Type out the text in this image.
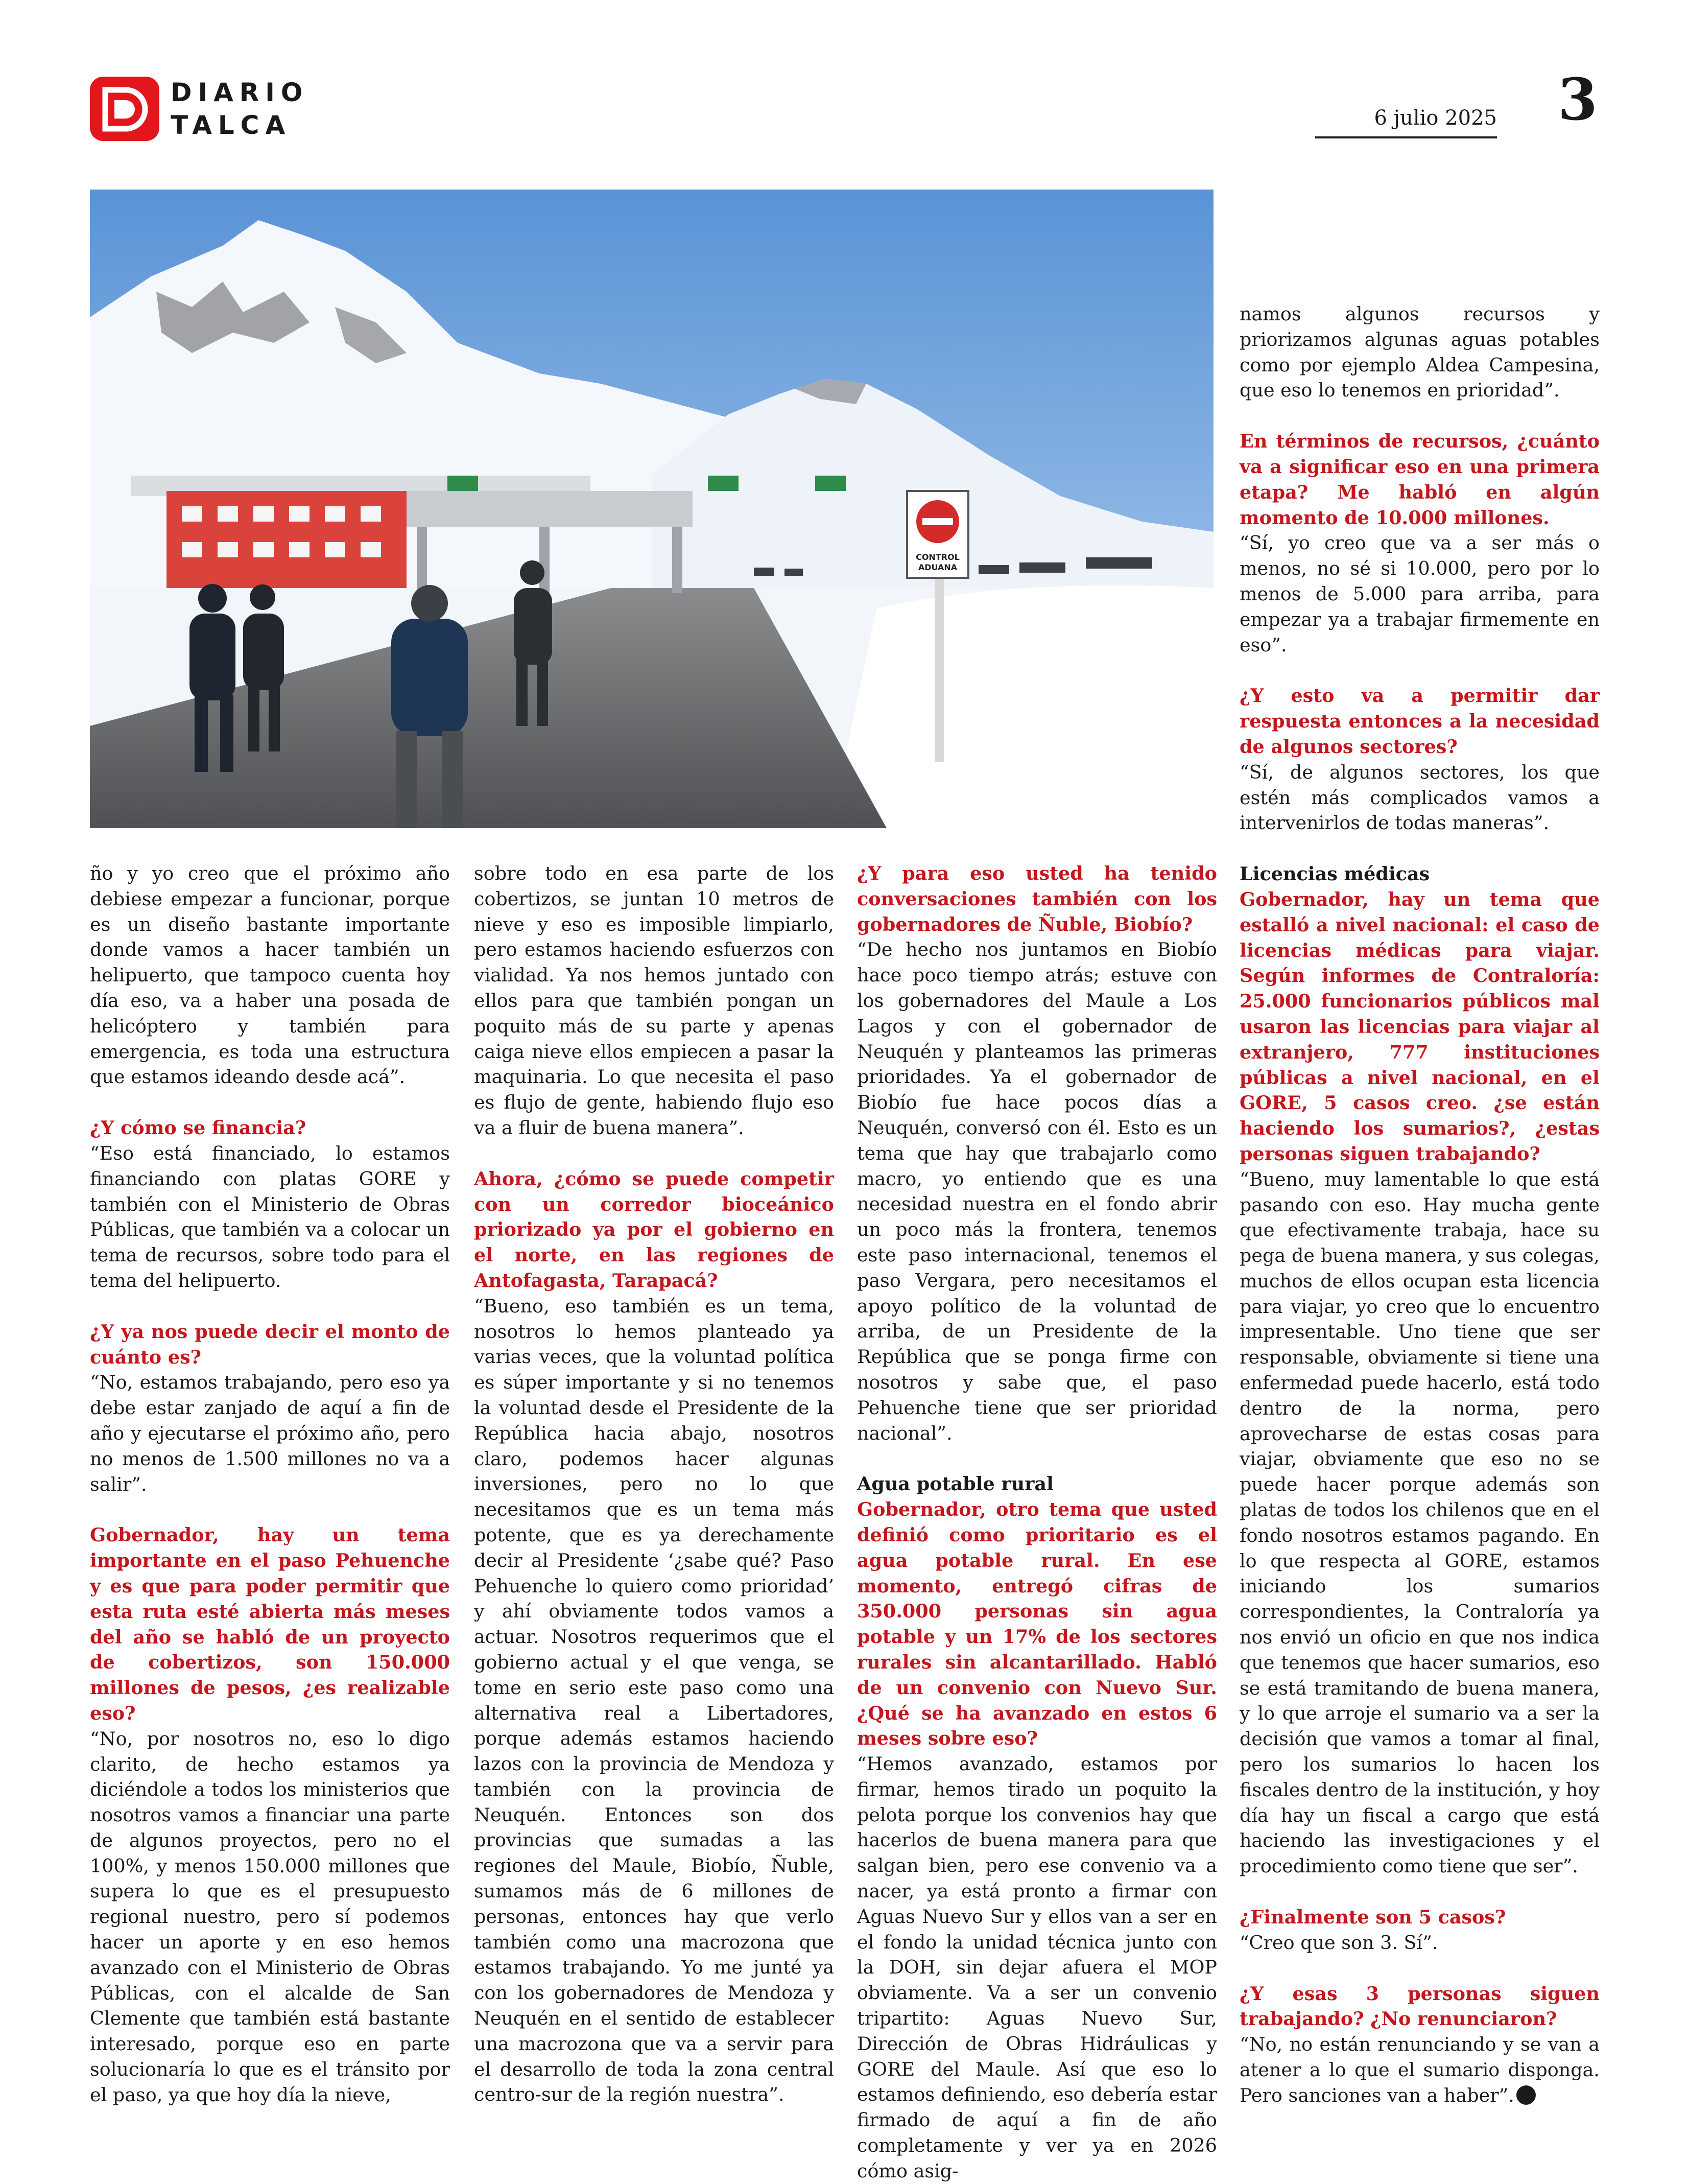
DIARIO
TALCA	6 julio 2025 3
CONTROL
ADUANA

ño y yo creo que el próximo año debiese empezar a funcionar, porque es un diseño bastante importante donde vamos a hacer también un helipuerto, que tampoco cuenta hoy día eso, va a haber una posada de helicóptero y también para emergencia, es toda una estructura que estamos ideando desde acá”.

¿Y cómo se financia?

“Eso está financiado, lo estamos financiando con platas GORE y también con el Ministerio de Obras Públicas, que también va a colocar un tema de recursos, sobre todo para el tema del helipuerto.

¿Y ya nos puede decir el monto de cuánto es?

“No, estamos trabajando, pero eso ya debe estar zanjado de aquí a fin de año y ejecutarse el próximo año, pero no menos de 1.500 millones no va a salir”.

Gobernador, hay un tema importante en el paso Pehuenche y es que para poder permitir que esta ruta esté abierta más meses del año se habló de un proyecto de cobertizos, son 150.000 millones de pesos, ¿es realizable eso?

“No, por nosotros no, eso lo digo clarito, de hecho estamos ya diciéndole a todos los ministerios que nosotros vamos a financiar una parte de algunos proyectos, pero no el 100%, y menos 150.000 millones que supera lo que es el presupuesto regional nuestro, pero sí podemos hacer un aporte y en eso hemos avanzado con el Ministerio de Obras Públicas, con el alcalde de San Clemente que también está bastante interesado, porque eso en parte solucionaría lo que es el tránsito por el paso, ya que hoy día la nieve,

sobre todo en esa parte de los cobertizos, se juntan 10 metros de nieve y eso es imposible limpiarlo, pero estamos haciendo esfuerzos con vialidad. Ya nos hemos juntado con ellos para que también pongan un poquito más de su parte y apenas caiga nieve ellos empiecen a pasar la maquinaria. Lo que necesita el paso es flujo de gente, habiendo flujo eso va a fluir de buena manera”.

Ahora, ¿cómo se puede competir con un corredor bioceánico priorizado ya por el gobierno en el norte, en las regiones de Antofagasta, Tarapacá?

“Bueno, eso también es un tema, nosotros lo hemos planteado ya varias veces, que la voluntad política es súper importante y si no tenemos la voluntad desde el Presidente de la República hacia abajo, nosotros claro, podemos hacer algunas inversiones, pero no lo que necesitamos que es un tema más potente, que es ya derechamente decir al Presidente ‘¿sabe qué? Paso Pehuenche lo quiero como prioridad’ y ahí obviamente todos vamos a actuar. Nosotros requerimos que el gobierno actual y el que venga, se tome en serio este paso como una alternativa real a Libertadores, porque además estamos haciendo lazos con la provincia de Mendoza y también con la provincia de Neuquén. Entonces son dos provincias que sumadas a las regiones del Maule, Biobío, Ñuble, sumamos más de 6 millones de personas, entonces hay que verlo también como una macrozona que estamos trabajando. Yo me junté ya con los gobernadores de Mendoza y Neuquén en el sentido de establecer una macrozona que va a servir para el desarrollo de toda la zona central centro-sur de la región nuestra”.

¿Y para eso usted ha tenido conversaciones también con los gobernadores de Ñuble, Biobío?

“De hecho nos juntamos en Biobío hace poco tiempo atrás; estuve con los gobernadores del Maule a Los Lagos y con el gobernador de Neuquén y planteamos las primeras prioridades. Ya el gobernador de Biobío fue hace pocos días a Neuquén, conversó con él. Esto es un tema que hay que trabajarlo como macro, yo entiendo que es una necesidad nuestra en el fondo abrir un poco más la frontera, tenemos este paso internacional, tenemos el paso Vergara, pero necesitamos el apoyo político de la voluntad de arriba, de un Presidente de la República que se ponga firme con nosotros y sabe que, el paso Pehuenche tiene que ser prioridad nacional”.

Agua potable rural

Gobernador, otro tema que usted definió como prioritario es el agua potable rural. En ese momento, entregó cifras de 350.000 personas sin agua potable y un 17% de los sectores rurales sin alcantarillado. Habló de un convenio con Nuevo Sur. ¿Qué se ha avanzado en estos 6 meses sobre eso?

“Hemos avanzado, estamos por firmar, hemos tirado un poquito la pelota porque los convenios hay que hacerlos de buena manera para que salgan bien, pero ese convenio va a nacer, ya está pronto a firmar con Aguas Nuevo Sur y ellos van a ser en el fondo la unidad técnica junto con la DOH, sin dejar afuera el MOP obviamente. Va a ser un convenio tripartito: Aguas Nuevo Sur, Dirección de Obras Hidráulicas y GORE del Maule. Así que eso lo estamos definiendo, eso debería estar firmado de aquí a fin de año completamente y ver ya en 2026 cómo asig-

namos algunos recursos y priorizamos algunas aguas potables como por ejemplo Aldea Campesina, que eso lo tenemos en prioridad”.

En términos de recursos, ¿cuánto va a significar eso en una primera etapa? Me habló en algún momento de 10.000 millones.

“Sí, yo creo que va a ser más o menos, no sé si 10.000, pero por lo menos de 5.000 para arriba, para empezar ya a trabajar firmemente en eso”.

¿Y esto va a permitir dar respuesta entonces a la necesidad de algunos sectores?

“Sí, de algunos sectores, los que estén más complicados vamos a intervenirlos de todas maneras”.

Licencias médicas

Gobernador, hay un tema que estalló a nivel nacional: el caso de licencias médicas para viajar. Según informes de Contraloría: 25.000 funcionarios públicos mal usaron las licencias para viajar al extranjero, 777 instituciones públicas a nivel nacional, en el GORE, 5 casos creo. ¿se están haciendo los sumarios?, ¿estas personas siguen trabajando?

“Bueno, muy lamentable lo que está pasando con eso. Hay mucha gente que efectivamente trabaja, hace su pega de buena manera, y sus colegas, muchos de ellos ocupan esta licencia para viajar, yo creo que lo encuentro impresentable. Uno tiene que ser responsable, obviamente si tiene una enfermedad puede hacerlo, está todo dentro de la norma, pero aprovecharse de estas cosas para viajar, obviamente que eso no se puede hacer porque además son platas de todos los chilenos que en el fondo nosotros estamos pagando. En lo que respecta al GORE, estamos iniciando los sumarios correspondientes, la Contraloría ya nos envió un oficio en que nos indica que tenemos que hacer sumarios, eso se está tramitando de buena manera, y lo que arroje el sumario va a ser la decisión que vamos a tomar al final, pero los sumarios lo hacen los fiscales dentro de la institución, y hoy día hay un fiscal a cargo que está haciendo las investigaciones y el procedimiento como tiene que ser”.

¿Finalmente son 5 casos?

“Creo que son 3. Sí”.

¿Y esas 3 personas siguen trabajando? ¿No renunciaron?

“No, no están renunciando y se van a atener a lo que el sumario disponga. Pero sanciones van a haber”.
